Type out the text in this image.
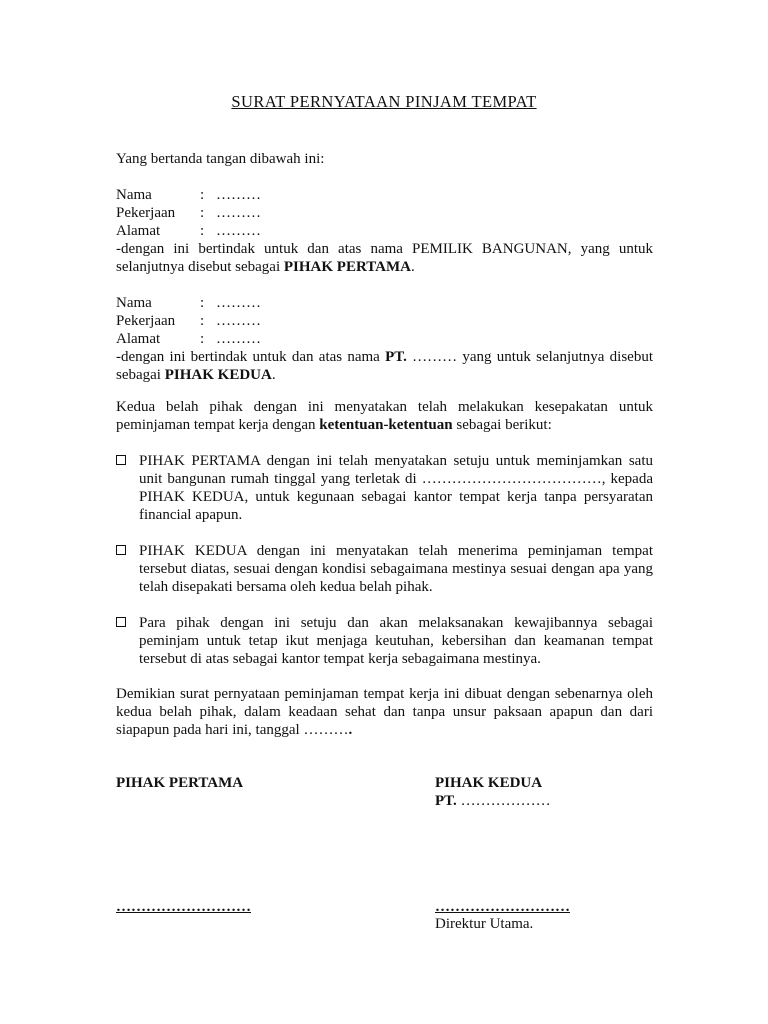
SURAT PERNYATAAN PINJAM TEMPAT
Yang bertanda tangan dibawah ini:
Nama	: ………
Pekerjaan : ………
Alamat	: ………
-dengan ini bertindak untuk dan atas nama PEMILIK BANGUNAN, yang untuk selanjutnya disebut sebagai PIHAK PERTAMA.
Nama	: ………
Pekerjaan : ………
Alamat	: ………
-dengan ini bertindak untuk dan atas nama PT. ……… yang untuk selanjutnya disebut sebagai PIHAK KEDUA.
Kedua belah pihak dengan ini menyatakan telah melakukan kesepakatan untuk peminjaman tempat kerja dengan ketentuan-ketentuan sebagai berikut:
PIHAK PERTAMA dengan ini telah menyatakan setuju untuk meminjamkan satu unit bangunan rumah tinggal yang terletak di ………………………………, kepada PIHAK KEDUA, untuk kegunaan sebagai kantor tempat kerja tanpa persyaratan financial apapun.
PIHAK KEDUA dengan ini menyatakan telah menerima peminjaman tempat tersebut diatas, sesuai dengan kondisi sebagaimana mestinya sesuai dengan apa yang telah disepakati bersama oleh kedua belah pihak.
Para pihak dengan ini setuju dan akan melaksanakan kewajibannya sebagai peminjam untuk tetap ikut menjaga keutuhan, kebersihan dan keamanan tempat tersebut di atas sebagai kantor tempat kerja sebagaimana mestinya.
Demikian surat pernyataan peminjaman tempat kerja ini dibuat dengan sebenarnya oleh kedua belah pihak, dalam keadaan sehat dan tanpa unsur paksaan apapun dan dari siapapun pada hari ini, tanggal ……….
PIHAK PERTAMA	PIHAK KEDUA
PT. ………………
………………………	………………………
Direktur Utama.
